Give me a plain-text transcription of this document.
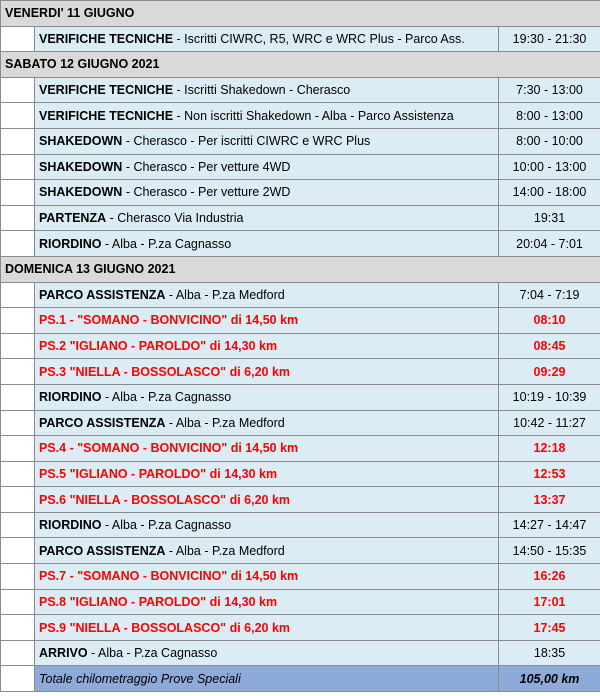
VENERDI' 11 GIUGNO		
	VERIFICHE TECNICHE - Iscritti CIWRC, R5, WRC e WRC Plus - Parco Ass.	19:30 - 21:30
SABATO 12 GIUGNO 2021		
	VERIFICHE TECNICHE - Iscritti Shakedown - Cherasco	7:30 - 13:00
	VERIFICHE TECNICHE - Non iscritti Shakedown - Alba - Parco Assistenza	8:00 - 13:00
	SHAKEDOWN - Cherasco - Per iscritti CIWRC e WRC Plus	8:00 - 10:00
	SHAKEDOWN - Cherasco - Per vetture 4WD	10:00 - 13:00
	SHAKEDOWN - Cherasco - Per vetture 2WD	14:00 - 18:00
	PARTENZA - Cherasco Via Industria	19:31
	RIORDINO - Alba - P.za Cagnasso	20:04 - 7:01
DOMENICA 13 GIUGNO 2021		
	PARCO ASSISTENZA - Alba - P.za Medford	7:04 - 7:19
	PS.1 - "SOMANO - BONVICINO" di 14,50 km	08:10
	PS.2 "IGLIANO - PAROLDO" di 14,30 km	08:45
	PS.3 "NIELLA - BOSSOLASCO" di 6,20 km	09:29
	RIORDINO - Alba - P.za Cagnasso	10:19 - 10:39
	PARCO ASSISTENZA - Alba - P.za Medford	10:42 - 11:27
	PS.4 - "SOMANO - BONVICINO" di 14,50 km	12:18
	PS.5 "IGLIANO - PAROLDO" di 14,30 km	12:53
	PS.6 "NIELLA - BOSSOLASCO" di 6,20 km	13:37
	RIORDINO - Alba - P.za Cagnasso	14:27 - 14:47
	PARCO ASSISTENZA - Alba - P.za Medford	14:50 - 15:35
	PS.7 - "SOMANO - BONVICINO" di 14,50 km	16:26
	PS.8 "IGLIANO - PAROLDO" di 14,30 km	17:01
	PS.9 "NIELLA - BOSSOLASCO" di 6,20 km	17:45
	ARRIVO - Alba - P.za Cagnasso	18:35
	Totale chilometraggio Prove Speciali	105,00 km
